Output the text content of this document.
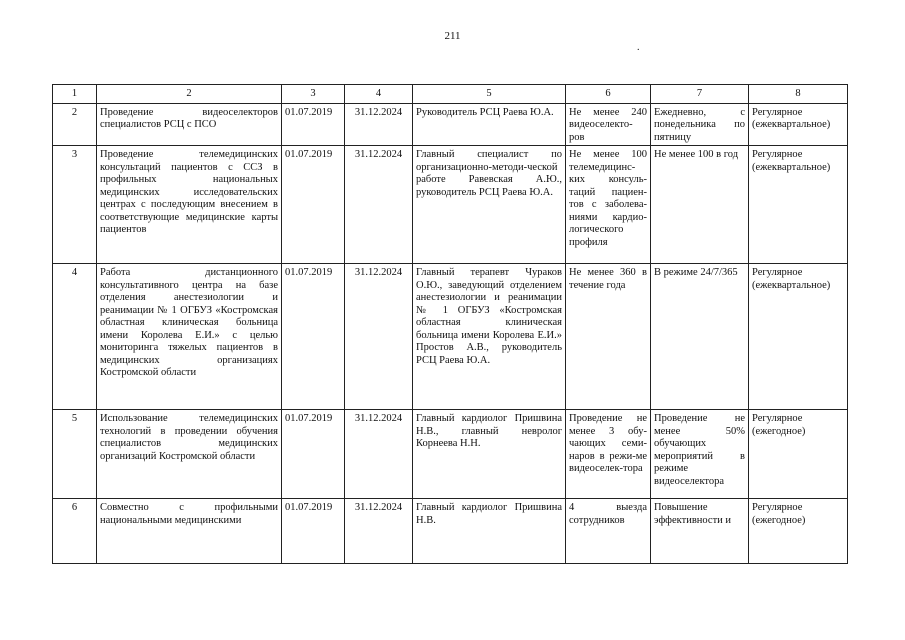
211
.
1	2	3	4	5	6	7	8
2	Проведение видеоселекторов специалистов РСЦ с ПСО	01.07.2019	31.12.2024	Руководитель РСЦ Раева Ю.А.	Не менее 240 видеоселекто-ров	Ежедневно, с понедельника по пятницу	Регулярное (ежеквартальное)
3	Проведение телемедицинских консультаций пациентов с ССЗ в профильных национальных медицинских исследовательских центрах с последующим внесением в соответствующие медицинские карты пациентов	01.07.2019	31.12.2024	Главный специалист по организационно-методи-ческой работе Равевская А.Ю., руководитель РСЦ Раева Ю.А.	Не менее 100 телемедицинс-ких консуль-таций пациен-тов с заболева-ниями кардио-логического профиля	Не менее 100 в год	Регулярное (ежеквартальное)
4	Работа дистанционного консультативного центра на базе отделения анестезиологии и реанимации № 1 ОГБУЗ «Костромская областная клиническая больница имени Королева Е.И.» с целью мониторинга тяжелых пациентов в медицинских организациях Костромской области	01.07.2019	31.12.2024	Главный терапевт Чураков О.Ю., заведующий отделением анестезиологии и реанимации № 1 ОГБУЗ «Костромская областная клиническая больница имени Королева Е.И.» Простов А.В., руководитель РСЦ Раева Ю.А.	Не менее 360 в течение года	В режиме 24/7/365	Регулярное (ежеквартальное)
5	Использование телемедицинских технологий в проведении обучения специалистов медицинских организаций Костромской области	01.07.2019	31.12.2024	Главный кардиолог Пришвина Н.В., главный невролог Корнеева Н.Н.	Проведение не менее 3 обу-чающих семи-наров в режи-ме видеоселек-тора	Проведение не менее 50% обучающих мероприятий в режиме видеоселектора	Регулярное (ежегодное)
6	Совместно с профильными национальными медицинскими	01.07.2019	31.12.2024	Главный кардиолог Пришвина Н.В.	4 выезда сотрудников	Повышение эффективности и	Регулярное (ежегодное)
